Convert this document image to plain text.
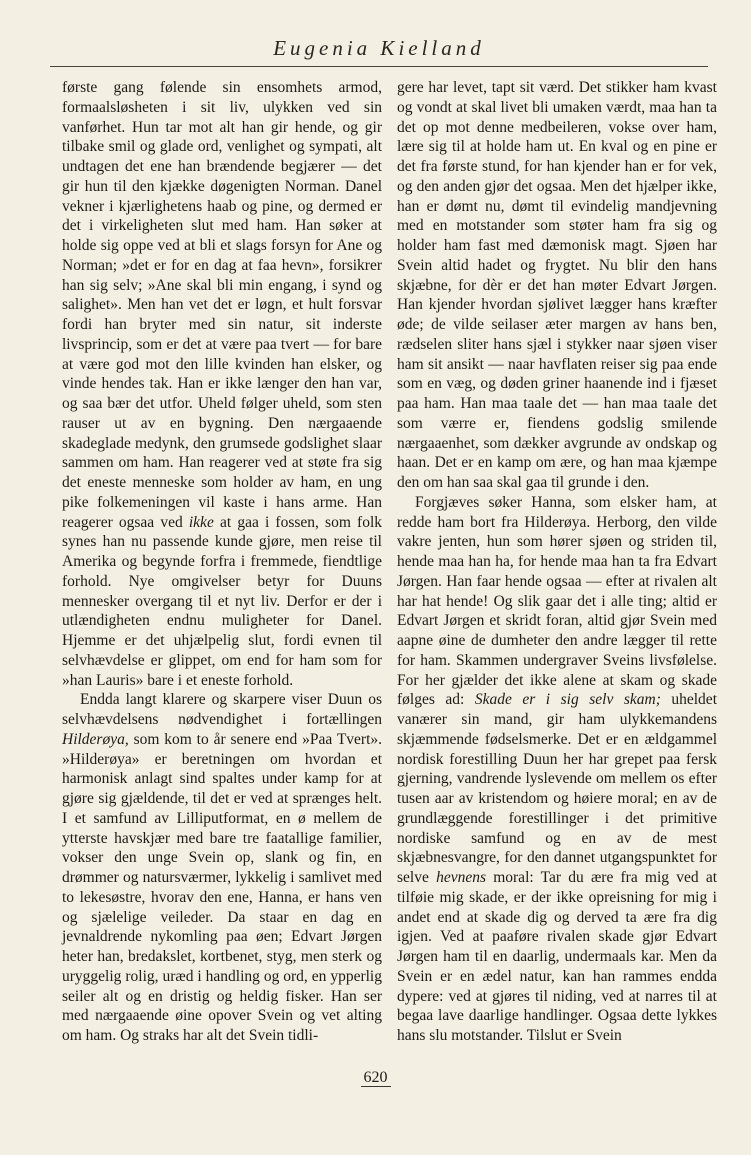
Eugenia Kielland

første gang følende sin ensomhets armod, formaalsløsheten i sit liv, ulykken ved sin vanførhet. Hun tar mot alt han gir hende, og gir tilbake smil og glade ord, venlighet og sympati, alt undtagen det ene han brændende begjærer — det gir hun til den kjække døgenigten Norman. Danel vekner i kjærlighetens haab og pine, og dermed er det i virkeligheten slut med ham. Han søker at holde sig oppe ved at bli et slags forsyn for Ane og Norman; »det er for en dag at faa hevn», forsikrer han sig selv; »Ane skal bli min engang, i synd og salighet». Men han vet det er løgn, et hult forsvar fordi han bryter med sin natur, sit inderste livsprincip, som er det at være paa tvert — for bare at være god mot den lille kvinden han elsker, og vinde hendes tak. Han er ikke længer den han var, og saa bær det utfor. Uheld følger uheld, som sten rauser ut av en bygning. Den nærgaaende skadeglade medynk, den grumsede godslighet slaar sammen om ham. Han reagerer ved at støte fra sig det eneste menneske som holder av ham, en ung pike folkemeningen vil kaste i hans arme. Han reagerer ogsaa ved ikke at gaa i fossen, som folk synes han nu passende kunde gjøre, men reise til Amerika og begynde forfra i fremmede, fiendtlige forhold. Nye omgivelser betyr for Duuns mennesker overgang til et nyt liv. Derfor er der i utlændigheten endnu muligheter for Danel. Hjemme er det uhjælpelig slut, fordi evnen til selvhævdelse er glippet, om end for ham som for »han Lauris» bare i et eneste forhold.

Endda langt klarere og skarpere viser Duun os selvhævdelsens nødvendighet i fortællingen Hilderøya, som kom to år senere end »Paa Tvert». »Hilderøya» er beretningen om hvordan et harmonisk anlagt sind spaltes under kamp for at gjøre sig gjældende, til det er ved at sprænges helt. I et samfund av Lilliputformat, en ø mellem de ytterste havskjær med bare tre faatallige familier, vokser den unge Svein op, slank og fin, en drømmer og natursværmer, lykkelig i samlivet med to lekesøstre, hvorav den ene, Hanna, er hans ven og sjælelige veileder. Da staar en dag en jevnaldrende nykomling paa øen; Edvart Jørgen heter han, bredakslet, kortbenet, styg, men sterk og uryggelig rolig, uræd i handling og ord, en ypperlig seiler alt og en dristig og heldig fisker. Han ser med nærgaaende øine opover Svein og vet alting om ham. Og straks har alt det Svein tidli-

gere har levet, tapt sit værd. Det stikker ham kvast og vondt at skal livet bli umaken værdt, maa han ta det op mot denne medbeileren, vokse over ham, lære sig til at holde ham ut. En kval og en pine er det fra første stund, for han kjender han er for vek, og den anden gjør det ogsaa. Men det hjælper ikke, han er dømt nu, dømt til evindelig mandjevning med en motstander som støter ham fra sig og holder ham fast med dæmonisk magt. Sjøen har Svein altid hadet og frygtet. Nu blir den hans skjæbne, for dèr er det han møter Edvart Jørgen. Han kjender hvordan sjølivet lægger hans kræfter øde; de vilde seilaser æter margen av hans ben, rædselen sliter hans sjæl i stykker naar sjøen viser ham sit ansikt — naar havflaten reiser sig paa ende som en væg, og døden griner haanende ind i fjæset paa ham. Han maa taale det — han maa taale det som værre er, fiendens godslig smilende nærgaaenhet, som dækker avgrunde av ondskap og haan. Det er en kamp om ære, og han maa kjæmpe den om han saa skal gaa til grunde i den.

Forgjæves søker Hanna, som elsker ham, at redde ham bort fra Hilderøya. Herborg, den vilde vakre jenten, hun som hører sjøen og striden til, hende maa han ha, for hende maa han ta fra Edvart Jørgen. Han faar hende ogsaa — efter at rivalen alt har hat hende! Og slik gaar det i alle ting; altid er Edvart Jørgen et skridt foran, altid gjør Svein med aapne øine de dumheter den andre lægger til rette for ham. Skammen undergraver Sveins livsfølelse. For her gjælder det ikke alene at skam og skade følges ad: Skade er i sig selv skam; uheldet vanærer sin mand, gir ham ulykkemandens skjæmmende fødselsmerke. Det er en ældgammel nordisk forestilling Duun her har grepet paa fersk gjerning, vandrende lyslevende om mellem os efter tusen aar av kristendom og høiere moral; en av de grundlæggende forestillinger i det primitive nordiske samfund og en av de mest skjæbnesvangre, for den dannet utgangspunktet for selve hevnens moral: Tar du ære fra mig ved at tilføie mig skade, er der ikke opreisning for mig i andet end at skade dig og derved ta ære fra dig igjen. Ved at paaføre rivalen skade gjør Edvart Jørgen ham til en daarlig, undermaals kar. Men da Svein er en ædel natur, kan han rammes endda dypere: ved at gjøres til niding, ved at narres til at begaa lave daarlige handlinger. Ogsaa dette lykkes hans slu motstander. Tilslut er Svein

620
